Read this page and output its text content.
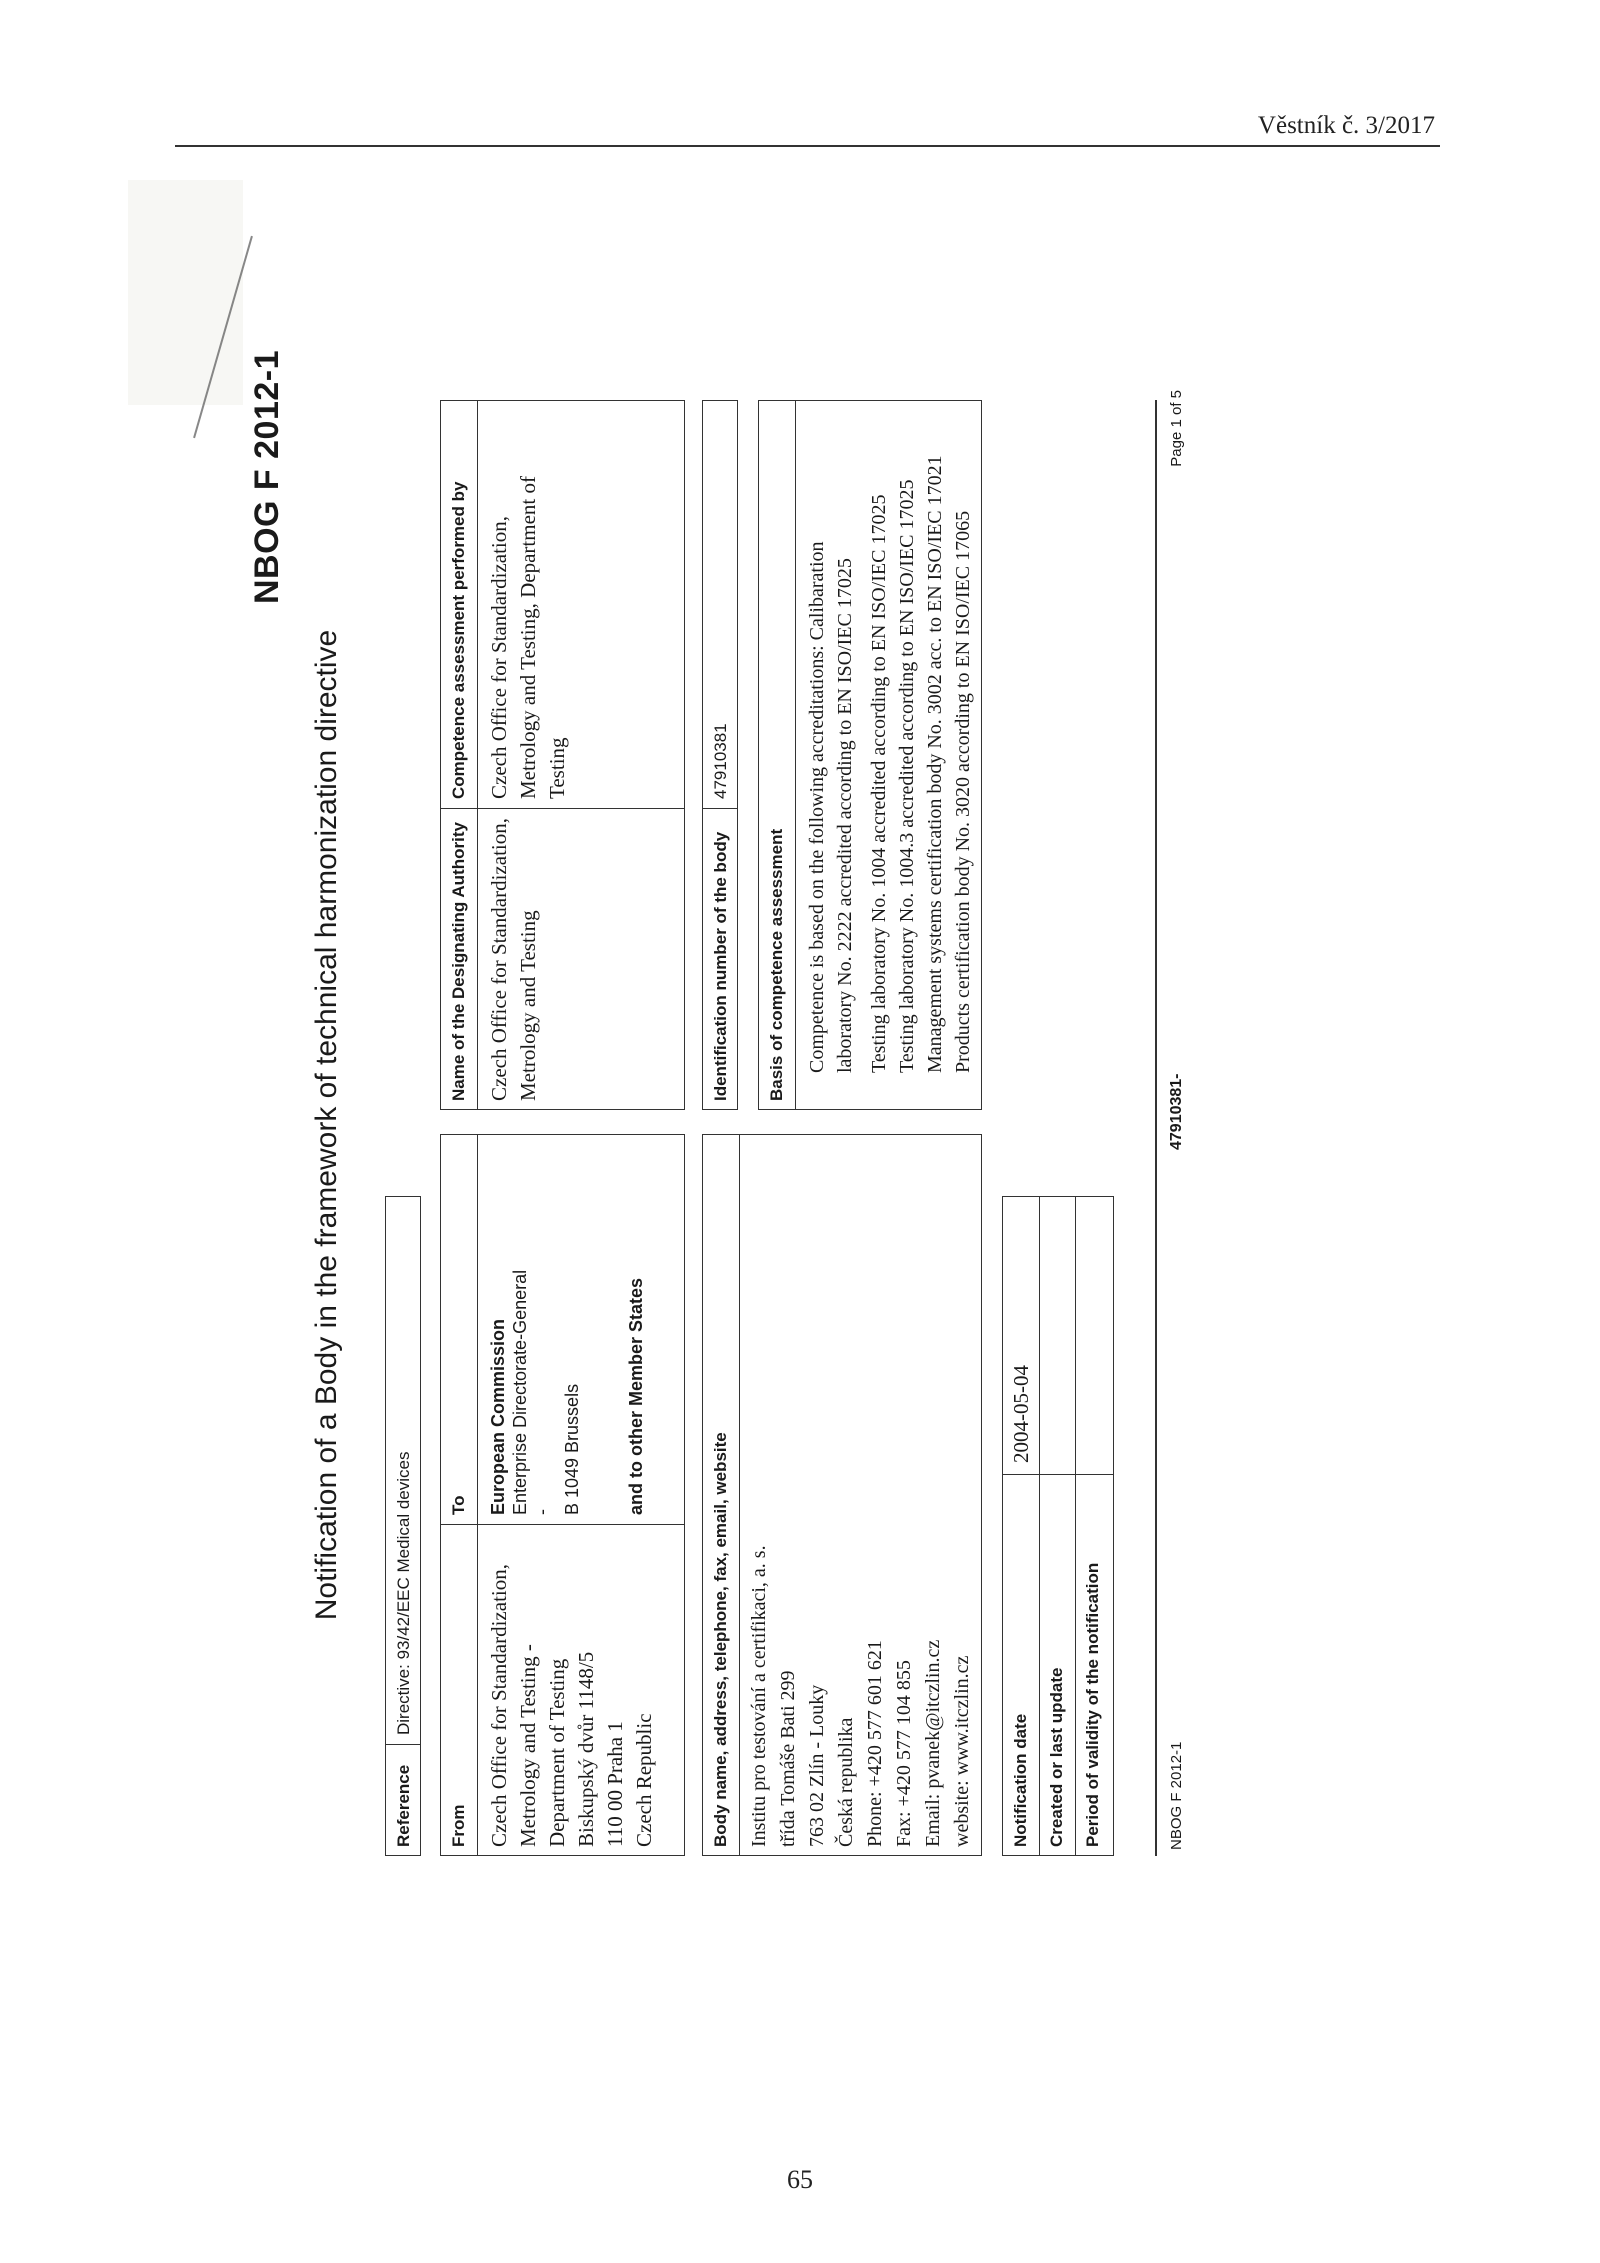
Věstník č. 3/2017
NBOG F 2012-1
Notification of a Body in the framework of technical harmonization directive
Reference
Directive: 93/42/EEC Medical devices
From
To
Czech Office for Standardization, Metrology and Testing - Department of Testing Biskupský dvůr 1148/5 110 00 Praha 1 Czech Republic
European Commission Enterprise Directorate-General - B 1049 Brussels and to other Member States
Name of the Designating Authority
Competence assessment performed by
Czech Office for Standardization, Metrology and Testing
Czech Office for Standardization, Metrology and Testing, Department of Testing
Body name, address, telephone, fax, email, website Institu pro testování a certifikaci, a. s. třída Tomáše Bati 299 763 02 Zlín - Louky Česká republika Phone: +420 577 601 621 Fax: +420 577 104 855 Email: pvanek@itczlin.cz website: www.itczlin.cz
Identification number of the body
47910381
Basis of competence assessment Competence is based on the following accreditations: Calibaration laboratory No. 2222 accredited according to EN ISO/IEC 17025 Testing laboratory No. 1004 accredited according to EN ISO/IEC 17025 Testing laboratory No. 1004.3 accredited according to EN ISO/IEC 17025 Management systems certification body No. 3002 acc. to EN ISO/IEC 17021 Products certification body No. 3020 according to EN ISO/IEC 17065
Notification date
2004-05-04
Created or last update Period of validity of the notification	NBOG F 2012-1
47910381-
Page 1 of 5
65
